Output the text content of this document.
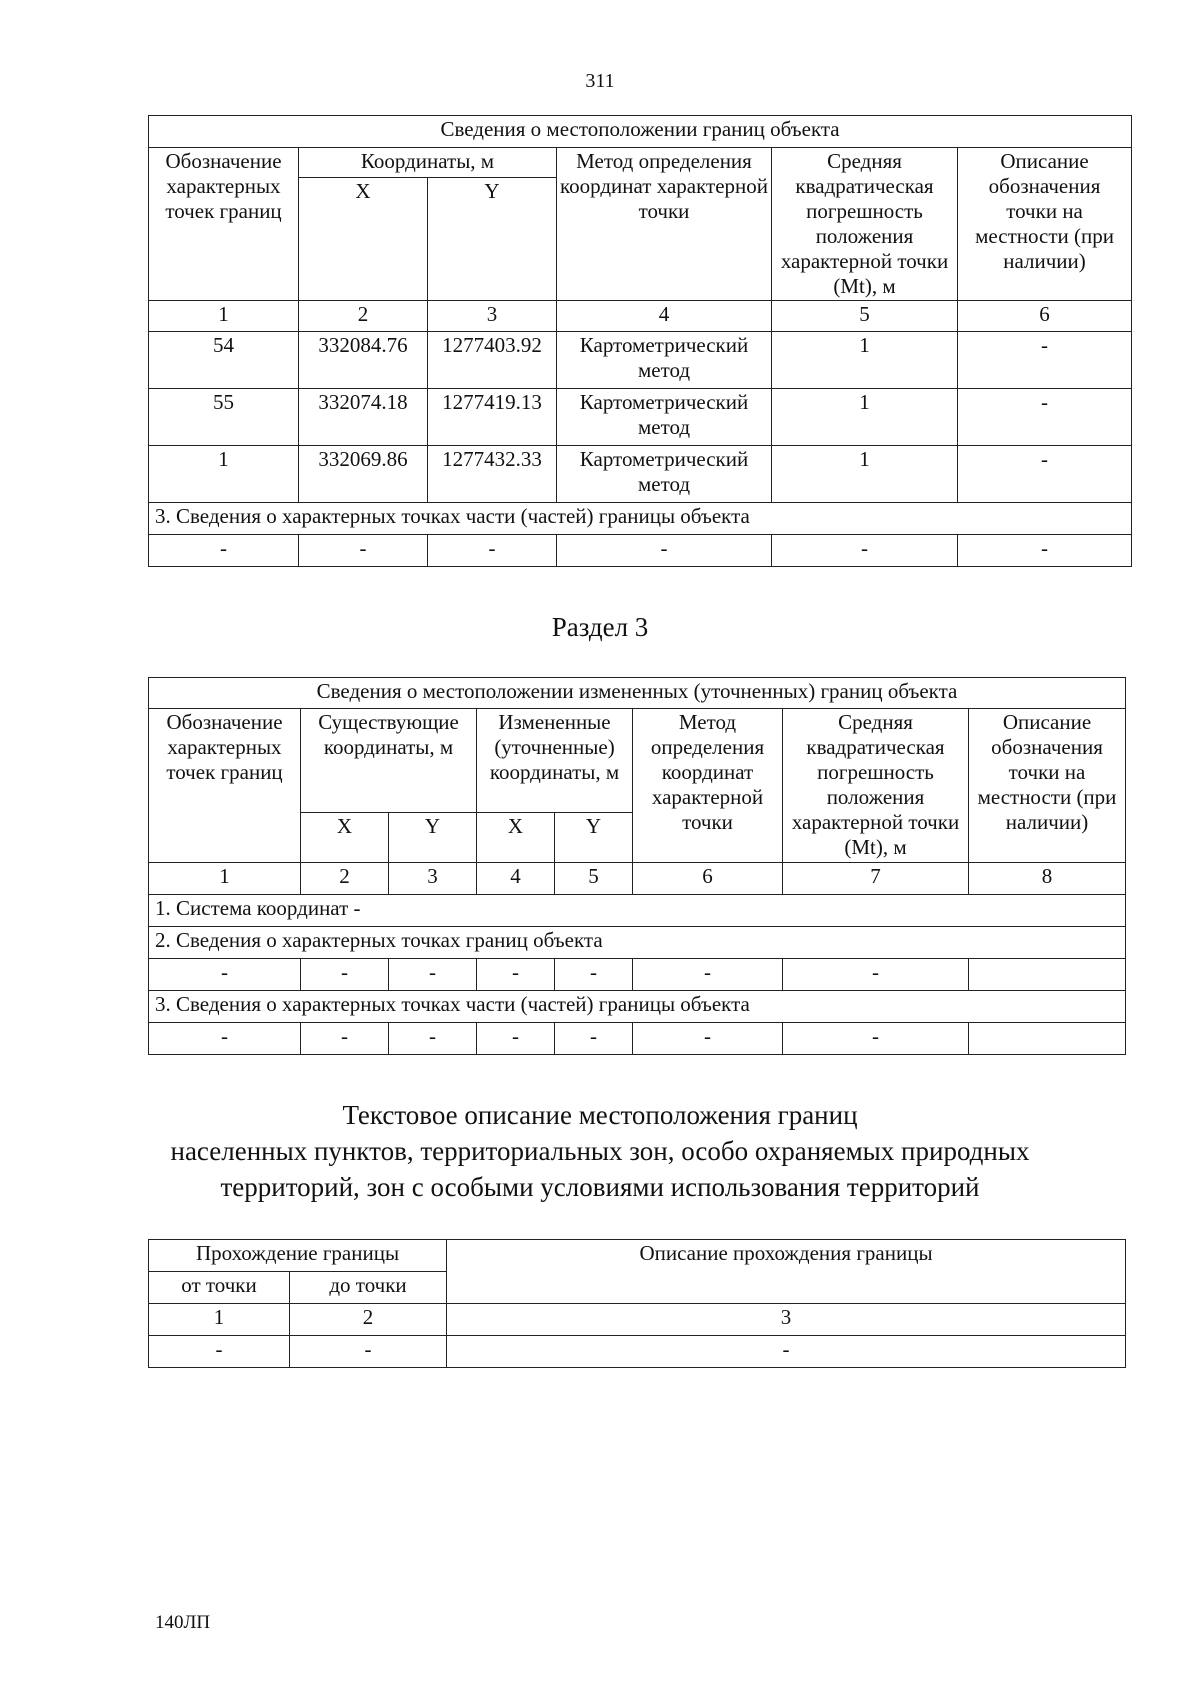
311
Сведения о местоположении границ объекта					
Обозначение характерных точек границ	Координаты, м		Метод определения координат характерной точки	Средняя квадратическая погрешность положения характерной точки (Mt), м	Описание обозначения точки на местности (при наличии)
	X	Y			
1	2	3	4	5	6
54	332084.76	1277403.92	Картометрический метод	1	-
55	332074.18	1277419.13	Картометрический метод	1	-
1	332069.86	1277432.33	Картометрический метод	1	-
3. Сведения о характерных точках части (частей) границы объекта					
-	-	-	-	-	-
Раздел 3
Сведения о местоположении измененных (уточненных) границ объекта							
Обозначение характерных точек границ	Существующие координаты, м		Измененные (уточненные) координаты, м		Метод определения координат характерной точки	Средняя квадратическая погрешность положения характерной точки (Mt), м	Описание обозначения точки на местности (при наличии)
	X	Y	X	Y			
1	2	3	4	5	6	7	8
1. Система координат -							
2. Сведения о характерных точках границ объекта							
-	-	-	-	-	-	-	
3. Сведения о характерных точках части (частей) границы объекта							
-	-	-	-	-	-	-	
Текстовое описание местоположения границ
населенных пунктов, территориальных зон, особо охраняемых природных
территорий, зон с особыми условиями использования территорий
Прохождение границы		Описание прохождения границы
от точки	до точки	
1	2	3
-	-	-
140ЛП
